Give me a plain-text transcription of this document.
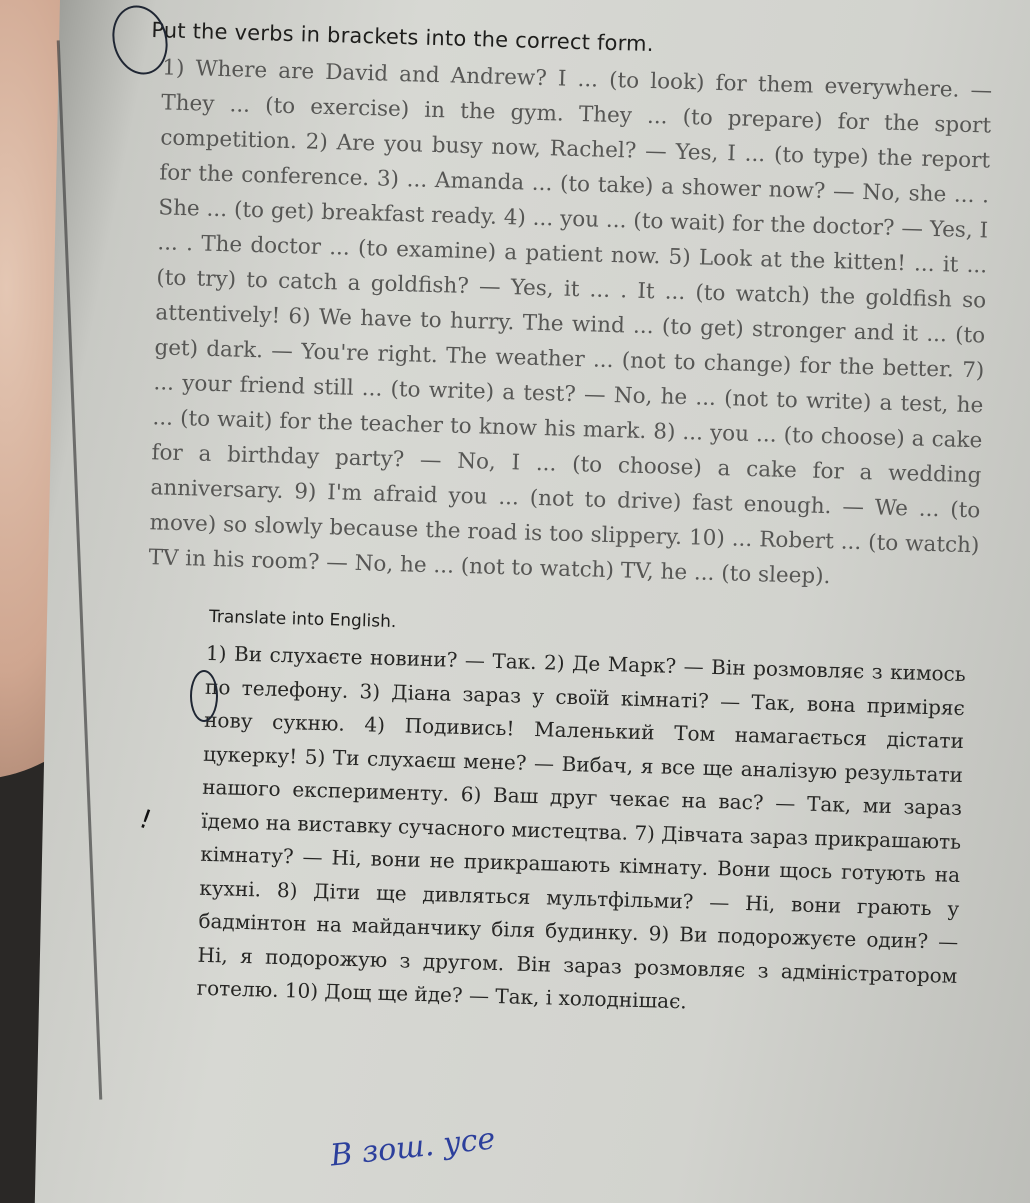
Put the verbs in brackets into the correct form.

1) Where are David and Andrew? I ... (to look) for them everywhere. — They ... (to exercise) in the gym. They ... (to prepare) for the sport competition. 2) Are you busy now, Rachel? — Yes, I ... (to type) the report for the conference. 3) ... Amanda ... (to take) a shower now? — No, she ... . She ... (to get) breakfast ready. 4) ... you ... (to wait) for the doctor? — Yes, I ... . The doctor ... (to examine) a patient now. 5) Look at the kitten! ... it ... (to try) to catch a goldfish? — Yes, it ... . It ... (to watch) the goldfish so attentively! 6) We have to hurry. The wind ... (to get) stronger and it ... (to get) dark. — You're right. The weather ... (not to change) for the better. 7) ... your friend still ... (to write) a test? — No, he ... (not to write) a test, he ... (to wait) for the teacher to know his mark. 8) ... you ... (to choose) a cake for a birthday party? — No, I ... (to choose) a cake for a wedding anniversary. 9) I'm afraid you ... (not to drive) fast enough. — We ... (to move) so slowly because the road is too slippery. 10) ... Robert ... (to watch) TV in his room? — No, he ... (not to watch) TV, he ... (to sleep).

Translate into English.

1) Ви слухаєте новини? — Так. 2) Де Марк? — Він розмовляє з кимось по телефону. 3) Діана зараз у своїй кімнаті? — Так, вона приміряє нову сукню. 4) Подивись! Маленький Том намагається дістати цукерку! 5) Ти слухаєш мене? — Вибач, я все ще аналізую результати нашого експерименту. 6) Ваш друг чекає на вас? — Так, ми зараз їдемо на виставку сучасного мистецтва. 7) Дівчата зараз прикрашають кімнату? — Ні, вони не прикрашають кімнату. Вони щось готують на кухні. 8) Діти ще дивляться мультфільми? — Ні, вони грають у бадмінтон на майданчику біля будинку. 9) Ви подорожуєте один? — Ні, я подорожую з другом. Він зараз розмовляє з адміністратором готелю. 10) Дощ ще йде? — Так, і холоднішає.

!
В зош. усе
